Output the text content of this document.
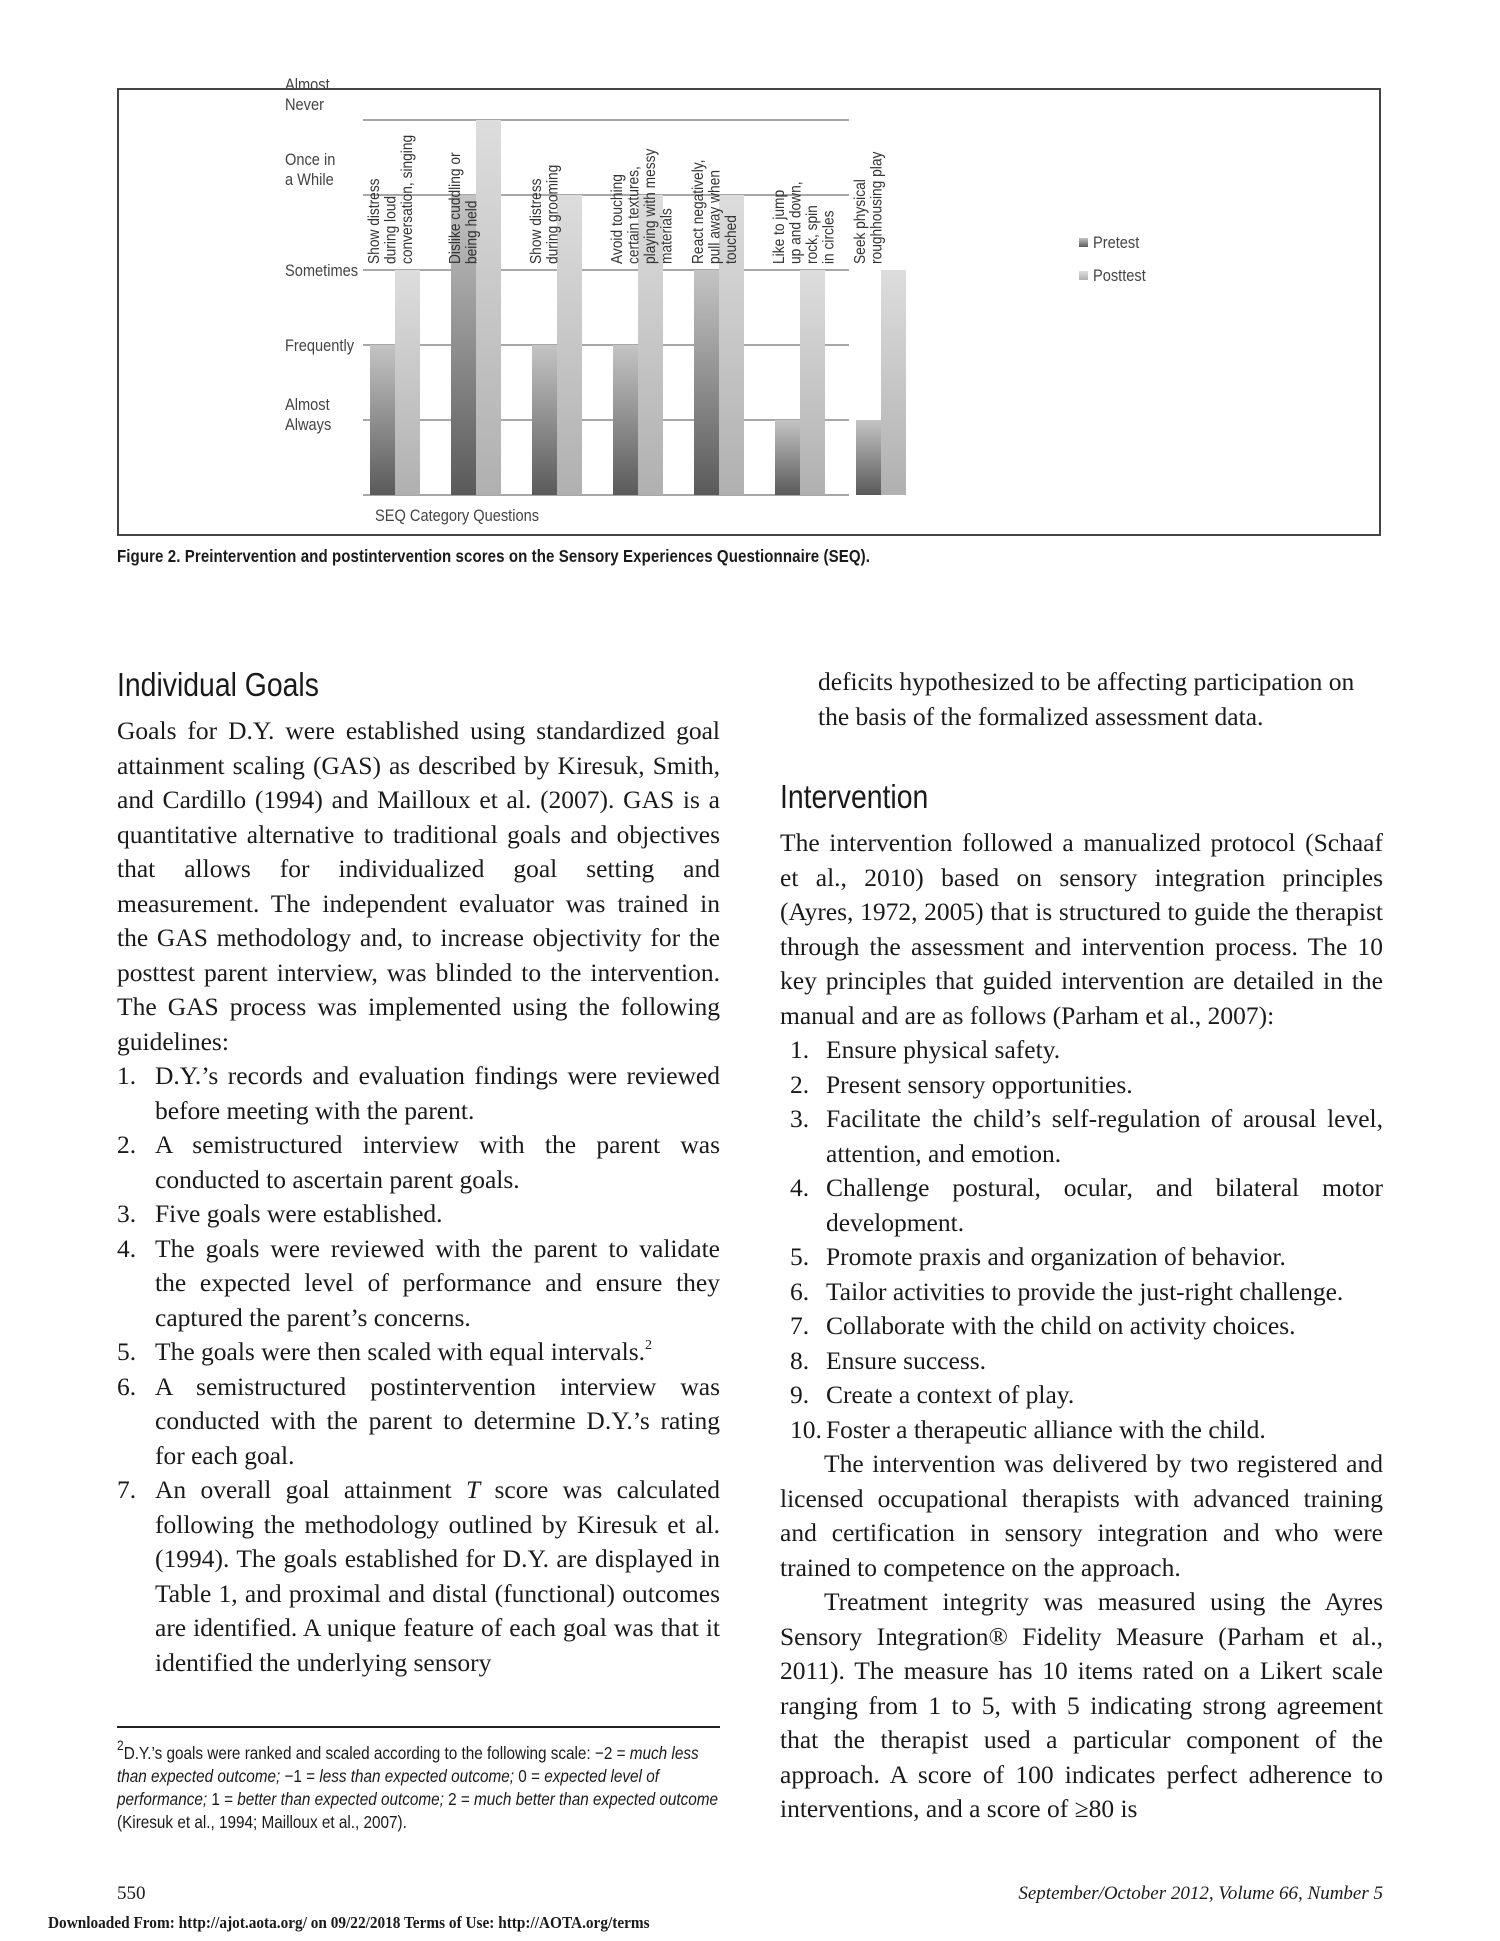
Almost
Never
Once in
a While
Sometimes
Frequently
Almost
Always
Show distress
during loud
conversation, singing Dislike cuddling or
being held	Show distress
during grooming	Avoid touching
certain textures,
playing with messy
materials React negatively,
pull away when
touched Like to jump
up and down,
rock, spin
in circles Seek physical
roughhousing play
SEQ Category Questions
Pretest
Posttest
Figure 2. Preintervention and postintervention scores on the Sensory Experiences Questionnaire (SEQ).
Individual Goals

Goals for D.Y. were established using standardized goal attainment scaling (GAS) as described by Kiresuk, Smith, and Cardillo (1994) and Mailloux et al. (2007). GAS is a quantitative alternative to traditional goals and objectives that allows for individualized goal setting and measurement. The independent evaluator was trained in the GAS methodology and, to increase objectivity for the posttest parent interview, was blinded to the intervention. The GAS process was implemented using the following guidelines:

1. D.Y.’s records and evaluation findings were reviewed before meeting with the parent.
2. A semistructured interview with the parent was conducted to ascertain parent goals.
3. Five goals were established.
4. The goals were reviewed with the parent to validate the expected level of performance and ensure they captured the parent’s concerns.
5. The goals were then scaled with equal intervals.$^2$
6. A semistructured postintervention interview was conducted with the parent to determine D.Y.’s rating for each goal.
7. An overall goal attainment T score was calculated following the methodology outlined by Kiresuk et al. (1994). The goals established for D.Y. are displayed in Table 1, and proximal and distal (functional) outcomes are identified. A unique feature of each goal was that it identified the underlying sensory
$^2$D.Y.’s goals were ranked and scaled according to the following scale: −2 = much less than expected outcome; −1 = less than expected outcome; 0 = expected level of performance; 1 = better than expected outcome; 2 = much better than expected outcome (Kiresuk et al., 1994; Mailloux et al., 2007).

deficits hypothesized to be affecting participation on the basis of the formalized assessment data.

Intervention

The intervention followed a manualized protocol (Schaaf et al., 2010) based on sensory integration principles (Ayres, 1972, 2005) that is structured to guide the therapist through the assessment and intervention process. The 10 key principles that guided intervention are detailed in the manual and are as follows (Parham et al., 2007):

1. Ensure physical safety.
2. Present sensory opportunities.
3. Facilitate the child’s self-regulation of arousal level, attention, and emotion.
4. Challenge postural, ocular, and bilateral motor development.
5. Promote praxis and organization of behavior.
6. Tailor activities to provide the just-right challenge.
7. Collaborate with the child on activity choices.
8. Ensure success.
9. Create a context of play.
10. Foster a therapeutic alliance with the child.

The intervention was delivered by two registered and licensed occupational therapists with advanced training and certification in sensory integration and who were trained to competence on the approach.

Treatment integrity was measured using the Ayres Sensory Integration® Fidelity Measure (Parham et al., 2011). The measure has 10 items rated on a Likert scale ranging from 1 to 5, with 5 indicating strong agreement that the therapist used a particular component of the approach. A score of 100 indicates perfect adherence to interventions, and a score of ≥80 is

550	September/October 2012, Volume 66, Number 5
Downloaded From: http://ajot.aota.org/ on 09/22/2018 Terms of Use: http://AOTA.org/terms
